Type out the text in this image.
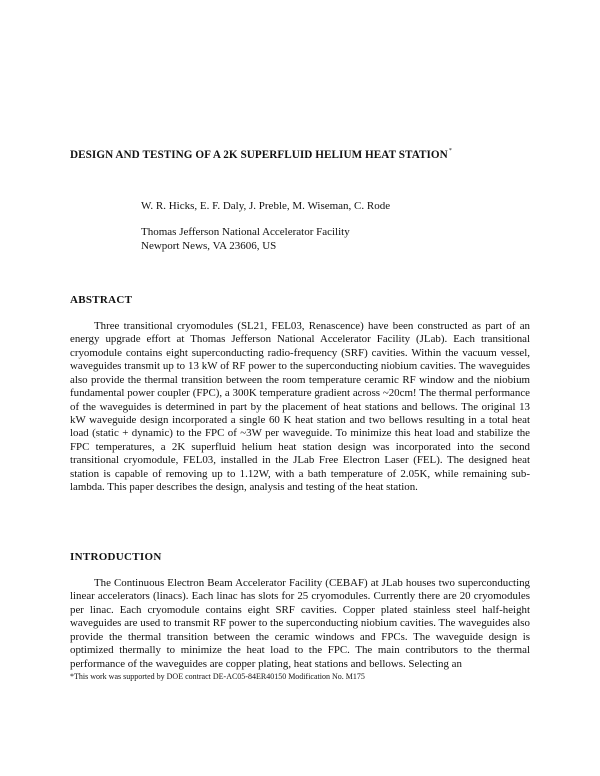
DESIGN AND TESTING OF A 2K SUPERFLUID HELIUM HEAT STATION*
W. R. Hicks, E. F. Daly, J. Preble, M. Wiseman, C. Rode
Thomas Jefferson National Accelerator Facility
Newport News, VA 23606, US
ABSTRACT
Three transitional cryomodules (SL21, FEL03, Renascence) have been constructed as part of an energy upgrade effort at Thomas Jefferson National Accelerator Facility (JLab). Each transitional cryomodule contains eight superconducting radio-frequency (SRF) cavities. Within the vacuum vessel, waveguides transmit up to 13 kW of RF power to the superconducting niobium cavities. The waveguides also provide the thermal transition between the room temperature ceramic RF window and the niobium fundamental power coupler (FPC), a 300K temperature gradient across ~20cm! The thermal performance of the waveguides is determined in part by the placement of heat stations and bellows. The original 13 kW waveguide design incorporated a single 60 K heat station and two bellows resulting in a total heat load (static + dynamic) to the FPC of ~3W per waveguide. To minimize this heat load and stabilize the FPC temperatures, a 2K superfluid helium heat station design was incorporated into the second transitional cryomodule, FEL03, installed in the JLab Free Electron Laser (FEL). The designed heat station is capable of removing up to 1.12W, with a bath temperature of 2.05K, while remaining sub-lambda. This paper describes the design, analysis and testing of the heat station.
INTRODUCTION
The Continuous Electron Beam Accelerator Facility (CEBAF) at JLab houses two superconducting linear accelerators (linacs). Each linac has slots for 25 cryomodules. Currently there are 20 cryomodules per linac. Each cryomodule contains eight SRF cavities. Copper plated stainless steel half-height waveguides are used to transmit RF power to the superconducting niobium cavities. The waveguides also provide the thermal transition between the ceramic windows and FPCs. The waveguide design is optimized thermally to minimize the heat load to the FPC. The main contributors to the thermal performance of the waveguides are copper plating, heat stations and bellows. Selecting an
*This work was supported by DOE contract DE-AC05-84ER40150 Modification No. M175
